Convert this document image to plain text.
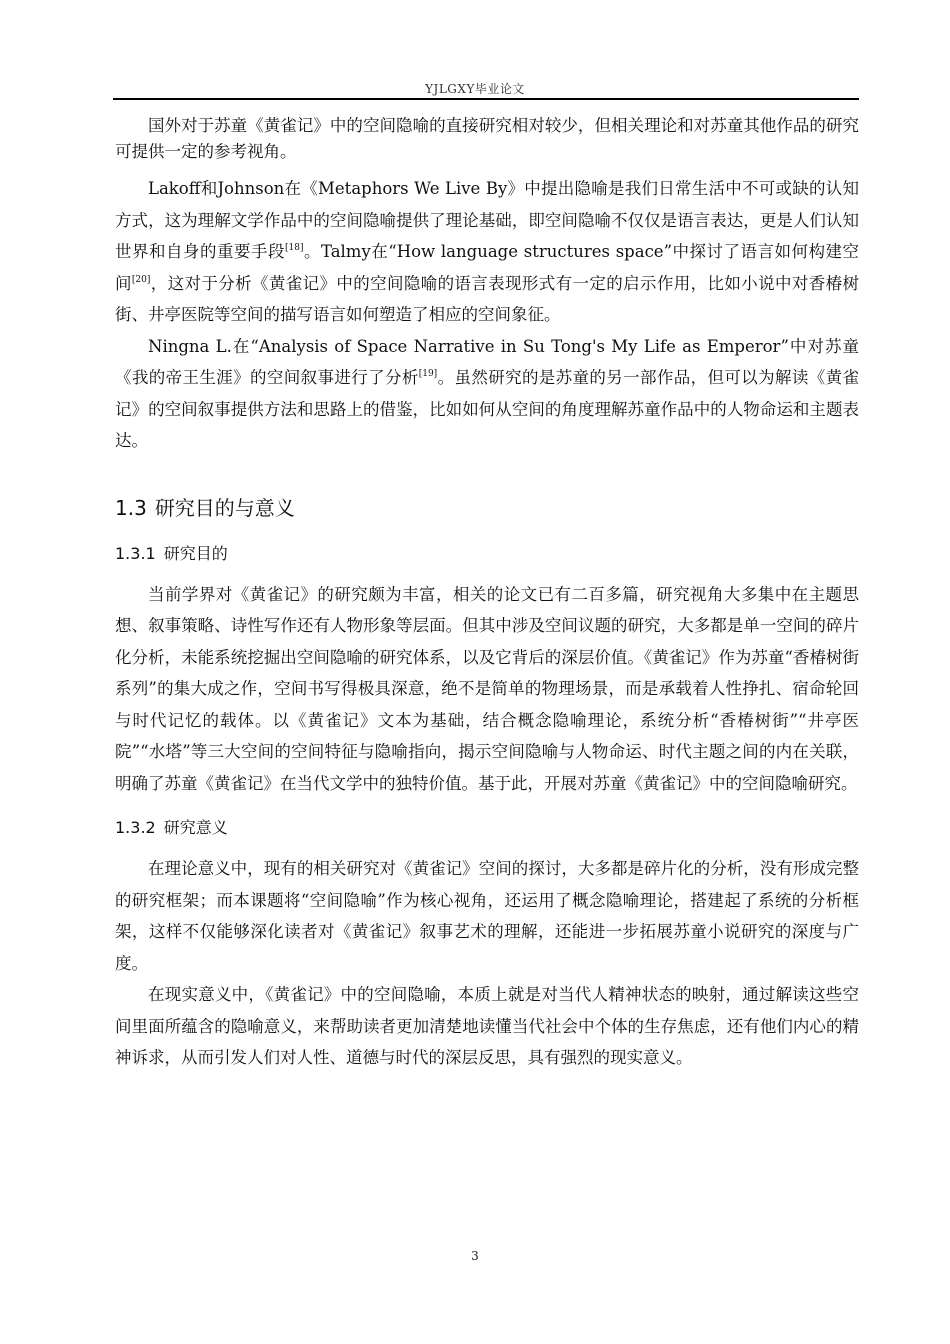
YJLGXY毕业论文

国外对于苏童《黄雀记》中的空间隐喻的直接研究相对较少，但相关理论和对苏童其他作品的研究可提供一定的参考视角。

Lakoff和Johnson在《Metaphors We Live By》中提出隐喻是我们日常生活中不可或缺的认知方式，这为理解文学作品中的空间隐喻提供了理论基础，即空间隐喻不仅仅是语言表达，更是人们认知世界和自身的重要手段[18]。Talmy在“How language structures space”中探讨了语言如何构建空间[20]，这对于分析《黄雀记》中的空间隐喻的语言表现形式有一定的启示作用，比如小说中对香椿树街、井亭医院等空间的描写语言如何塑造了相应的空间象征。

Ningna L.在“Analysis of Space Narrative in Su Tong's My Life as Emperor”中对苏童《我的帝王生涯》的空间叙事进行了分析[19]。虽然研究的是苏童的另一部作品，但可以为解读《黄雀记》的空间叙事提供方法和思路上的借鉴，比如如何从空间的角度理解苏童作品中的人物命运和主题表达。

1.3 研究目的与意义
1.3.1 研究目的

当前学界对《黄雀记》的研究颇为丰富，相关的论文已有二百多篇，研究视角大多集中在主题思想、叙事策略、诗性写作还有人物形象等层面。但其中涉及空间议题的研究，大多都是单一空间的碎片化分析，未能系统挖掘出空间隐喻的研究体系，以及它背后的深层价值。《黄雀记》作为苏童“香椿树街系列”的集大成之作，空间书写得极具深意，绝不是简单的物理场景，而是承载着人性挣扎、宿命轮回与时代记忆的载体。以《黄雀记》文本为基础，结合概念隐喻理论，系统分析“香椿树街”“井亭医院”“水塔”等三大空间的空间特征与隐喻指向，揭示空间隐喻与人物命运、时代主题之间的内在关联，明确了苏童《黄雀记》在当代文学中的独特价值。基于此，开展对苏童《黄雀记》中的空间隐喻研究。

1.3.2 研究意义

在理论意义中，现有的相关研究对《黄雀记》空间的探讨，大多都是碎片化的分析，没有形成完整的研究框架；而本课题将“空间隐喻”作为核心视角，还运用了概念隐喻理论，搭建起了系统的分析框架，这样不仅能够深化读者对《黄雀记》叙事艺术的理解，还能进一步拓展苏童小说研究的深度与广度。

在现实意义中，《黄雀记》中的空间隐喻，本质上就是对当代人精神状态的映射，通过解读这些空间里面所蕴含的隐喻意义，来帮助读者更加清楚地读懂当代社会中个体的生存焦虑，还有他们内心的精神诉求，从而引发人们对人性、道德与时代的深层反思，具有强烈的现实意义。

3
